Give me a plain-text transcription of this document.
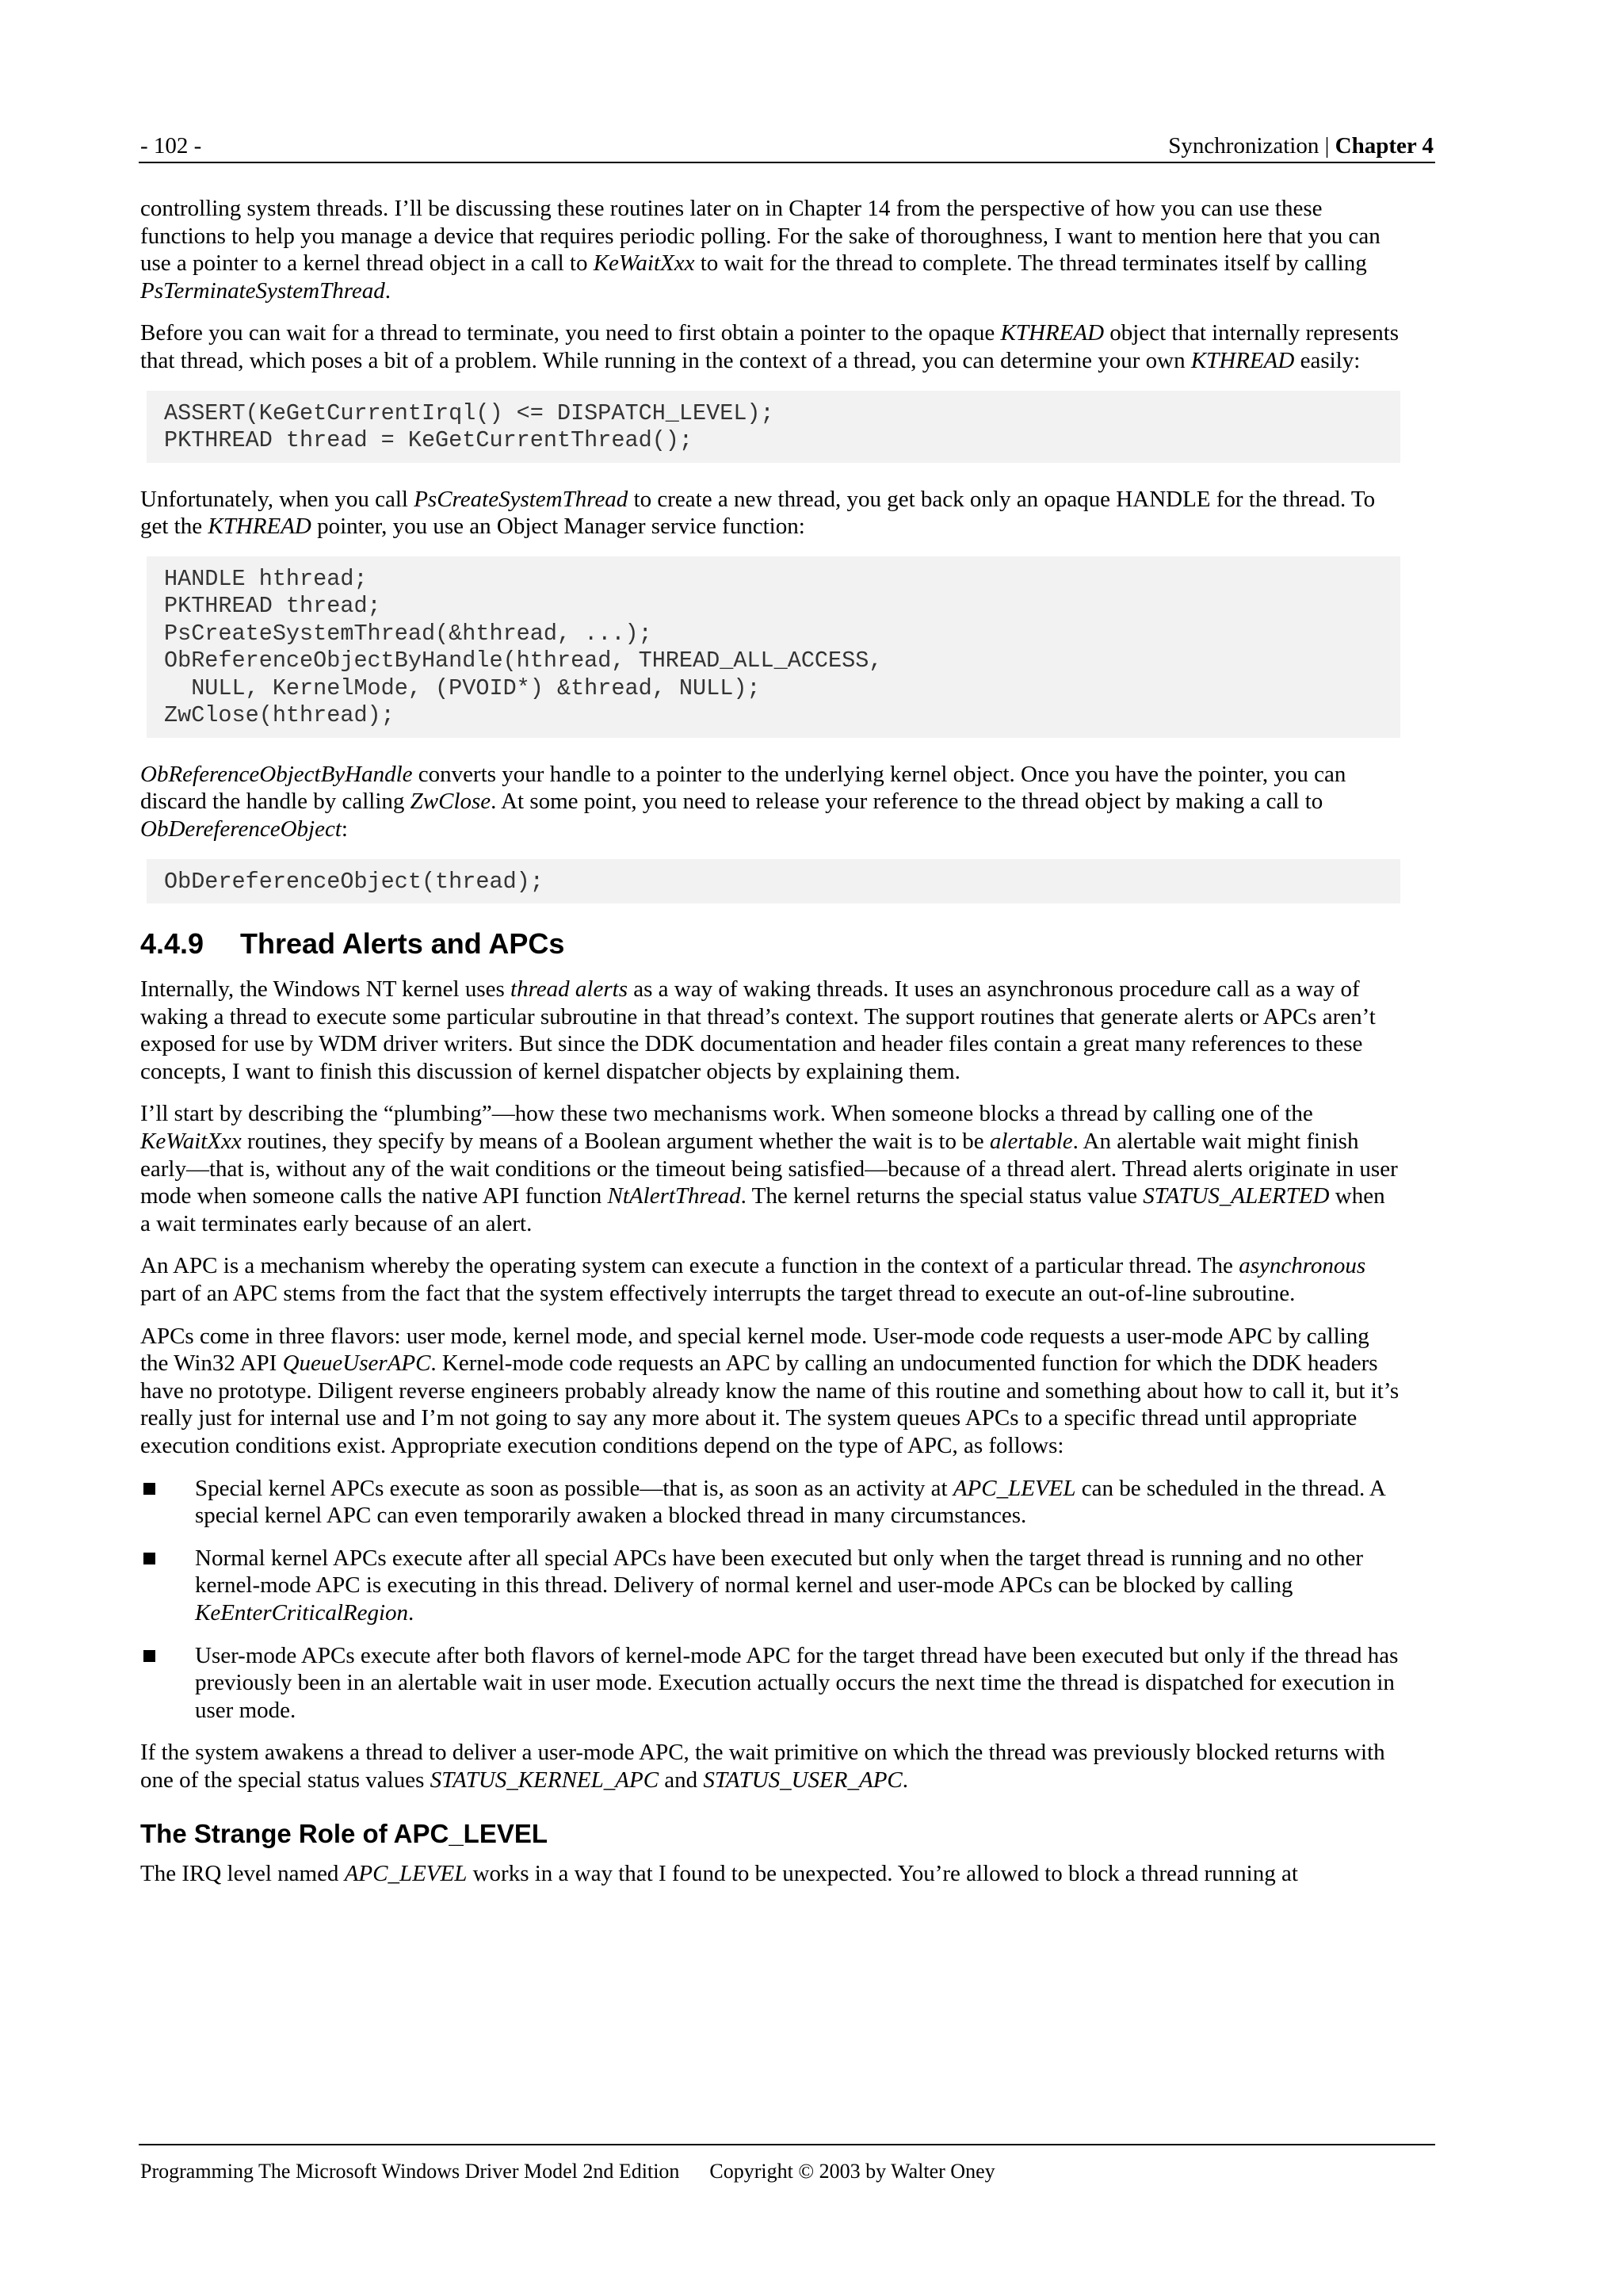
- 102 -	Synchronization | Chapter 4

controlling system threads. I’ll be discussing these routines later on in Chapter 14 from the perspective of how you can use these functions to help you manage a device that requires periodic polling. For the sake of thoroughness, I want to mention here that you can use a pointer to a kernel thread object in a call to KeWaitXxx to wait for the thread to complete. The thread terminates itself by calling PsTerminateSystemThread.

Before you can wait for a thread to terminate, you need to first obtain a pointer to the opaque KTHREAD object that internally represents that thread, which poses a bit of a problem. While running in the context of a thread, you can determine your own KTHREAD easily:

ASSERT(KeGetCurrentIrql() <= DISPATCH_LEVEL);
PKTHREAD thread = KeGetCurrentThread();

Unfortunately, when you call PsCreateSystemThread to create a new thread, you get back only an opaque HANDLE for the thread. To get the KTHREAD pointer, you use an Object Manager service function:

HANDLE hthread;
PKTHREAD thread;
PsCreateSystemThread(&hthread, ...);
ObReferenceObjectByHandle(hthread, THREAD_ALL_ACCESS,
NULL, KernelMode, (PVOID*) &thread, NULL);
ZwClose(hthread);

ObReferenceObjectByHandle converts your handle to a pointer to the underlying kernel object. Once you have the pointer, you can discard the handle by calling ZwClose. At some point, you need to release your reference to the thread object by making a call to ObDereferenceObject:

ObDereferenceObject(thread);
4.4.9 Thread Alerts and APCs

Internally, the Windows NT kernel uses thread alerts as a way of waking threads. It uses an asynchronous procedure call as a way of waking a thread to execute some particular subroutine in that thread’s context. The support routines that generate alerts or APCs aren’t exposed for use by WDM driver writers. But since the DDK documentation and header files contain a great many references to these concepts, I want to finish this discussion of kernel dispatcher objects by explaining them.

I’ll start by describing the “plumbing”—how these two mechanisms work. When someone blocks a thread by calling one of the KeWaitXxx routines, they specify by means of a Boolean argument whether the wait is to be alertable. An alertable wait might finish early—that is, without any of the wait conditions or the timeout being satisfied—because of a thread alert. Thread alerts originate in user mode when someone calls the native API function NtAlertThread. The kernel returns the special status value STATUS_ALERTED when a wait terminates early because of an alert.

An APC is a mechanism whereby the operating system can execute a function in the context of a particular thread. The asynchronous part of an APC stems from the fact that the system effectively interrupts the target thread to execute an out-of-line subroutine.

APCs come in three flavors: user mode, kernel mode, and special kernel mode. User-mode code requests a user-mode APC by calling the Win32 API QueueUserAPC. Kernel-mode code requests an APC by calling an undocumented function for which the DDK headers have no prototype. Diligent reverse engineers probably already know the name of this routine and something about how to call it, but it’s really just for internal use and I’m not going to say any more about it. The system queues APCs to a specific thread until appropriate execution conditions exist. Appropriate execution conditions depend on the type of APC, as follows:

Special kernel APCs execute as soon as possible—that is, as soon as an activity at APC_LEVEL can be scheduled in the thread. A special kernel APC can even temporarily awaken a blocked thread in many circumstances.
Normal kernel APCs execute after all special APCs have been executed but only when the target thread is running and no other kernel-mode APC is executing in this thread. Delivery of normal kernel and user-mode APCs can be blocked by calling KeEnterCriticalRegion.
User-mode APCs execute after both flavors of kernel-mode APC for the target thread have been executed but only if the thread has previously been in an alertable wait in user mode. Execution actually occurs the next time the thread is dispatched for execution in user mode.

If the system awakens a thread to deliver a user-mode APC, the wait primitive on which the thread was previously blocked returns with one of the special status values STATUS_KERNEL_APC and STATUS_USER_APC.

The Strange Role of APC_LEVEL

The IRQ level named APC_LEVEL works in a way that I found to be unexpected. You’re allowed to block a thread running at

Programming The Microsoft Windows Driver Model 2nd Edition Copyright © 2003 by Walter Oney
